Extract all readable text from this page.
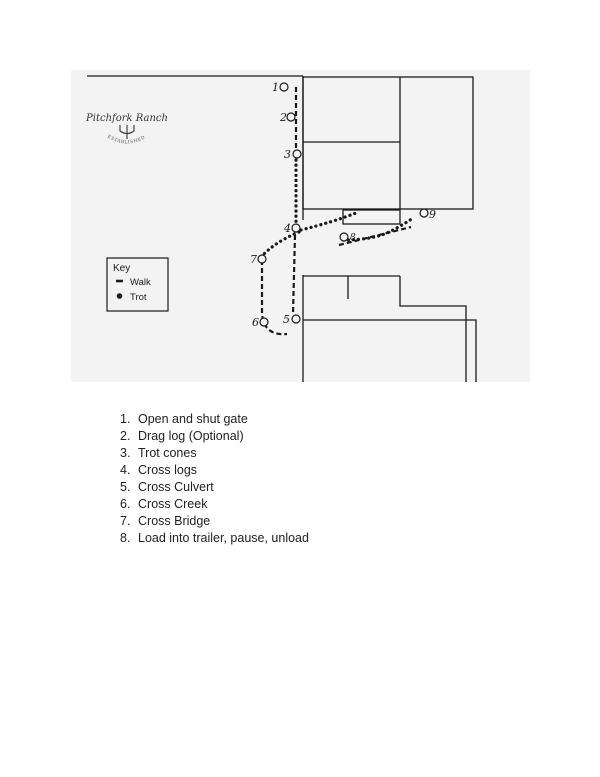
1
2
3
4
5
6
7
8
9
Pitchfork Ranch
ESTABLISHED
Key
Walk
Trot
1. Open and shut gate
2. Drag log (Optional)
3. Trot cones
4. Cross logs
5. Cross Culvert
6. Cross Creek
7. Cross Bridge
8. Load into trailer, pause, unload
